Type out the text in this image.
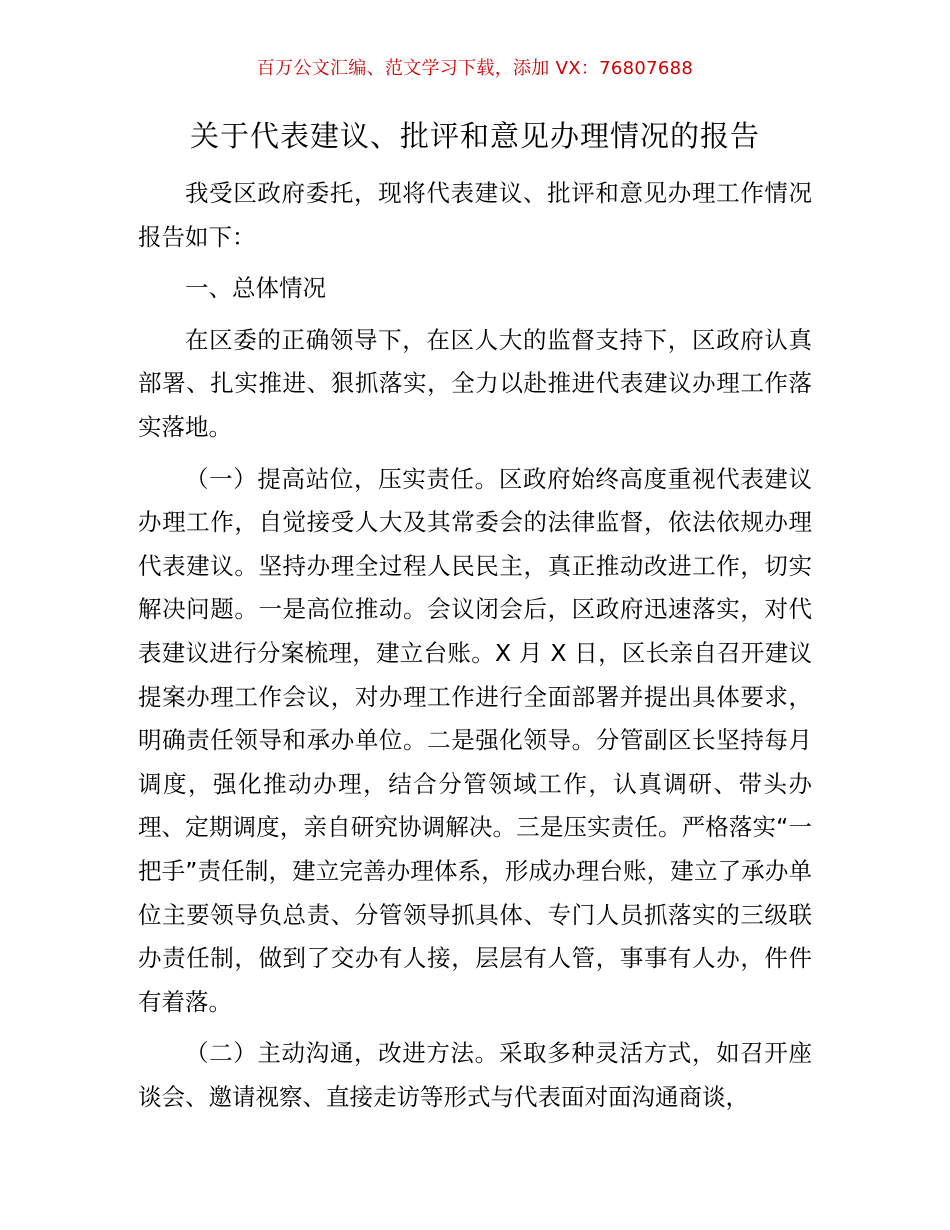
百万公文汇编、范文学习下载，添加 VX：76807688
关于代表建议、批评和意见办理情况的报告

我受区政府委托，现将代表建议、批评和意见办理工作情况报告如下：

一、总体情况

在区委的正确领导下，在区人大的监督支持下，区政府认真部署、扎实推进、狠抓落实，全力以赴推进代表建议办理工作落实落地。

（一）提高站位，压实责任。区政府始终高度重视代表建议办理工作，自觉接受人大及其常委会的法律监督，依法依规办理代表建议。坚持办理全过程人民民主，真正推动改进工作，切实解决问题。一是高位推动。会议闭会后，区政府迅速落实，对代表建议进行分案梳理，建立台账。X 月 X 日，区长亲自召开建议提案办理工作会议，对办理工作进行全面部署并提出具体要求，明确责任领导和承办单位。二是强化领导。分管副区长坚持每月调度，强化推动办理，结合分管领域工作，认真调研、带头办理、定期调度，亲自研究协调解决。三是压实责任。严格落实“一把手”责任制，建立完善办理体系，形成办理台账，建立了承办单位主要领导负总责、分管领导抓具体、专门人员抓落实的三级联办责任制，做到了交办有人接，层层有人管，事事有人办，件件有着落。

（二）主动沟通，改进方法。采取多种灵活方式，如召开座谈会、邀请视察、直接走访等形式与代表面对面沟通商谈，
